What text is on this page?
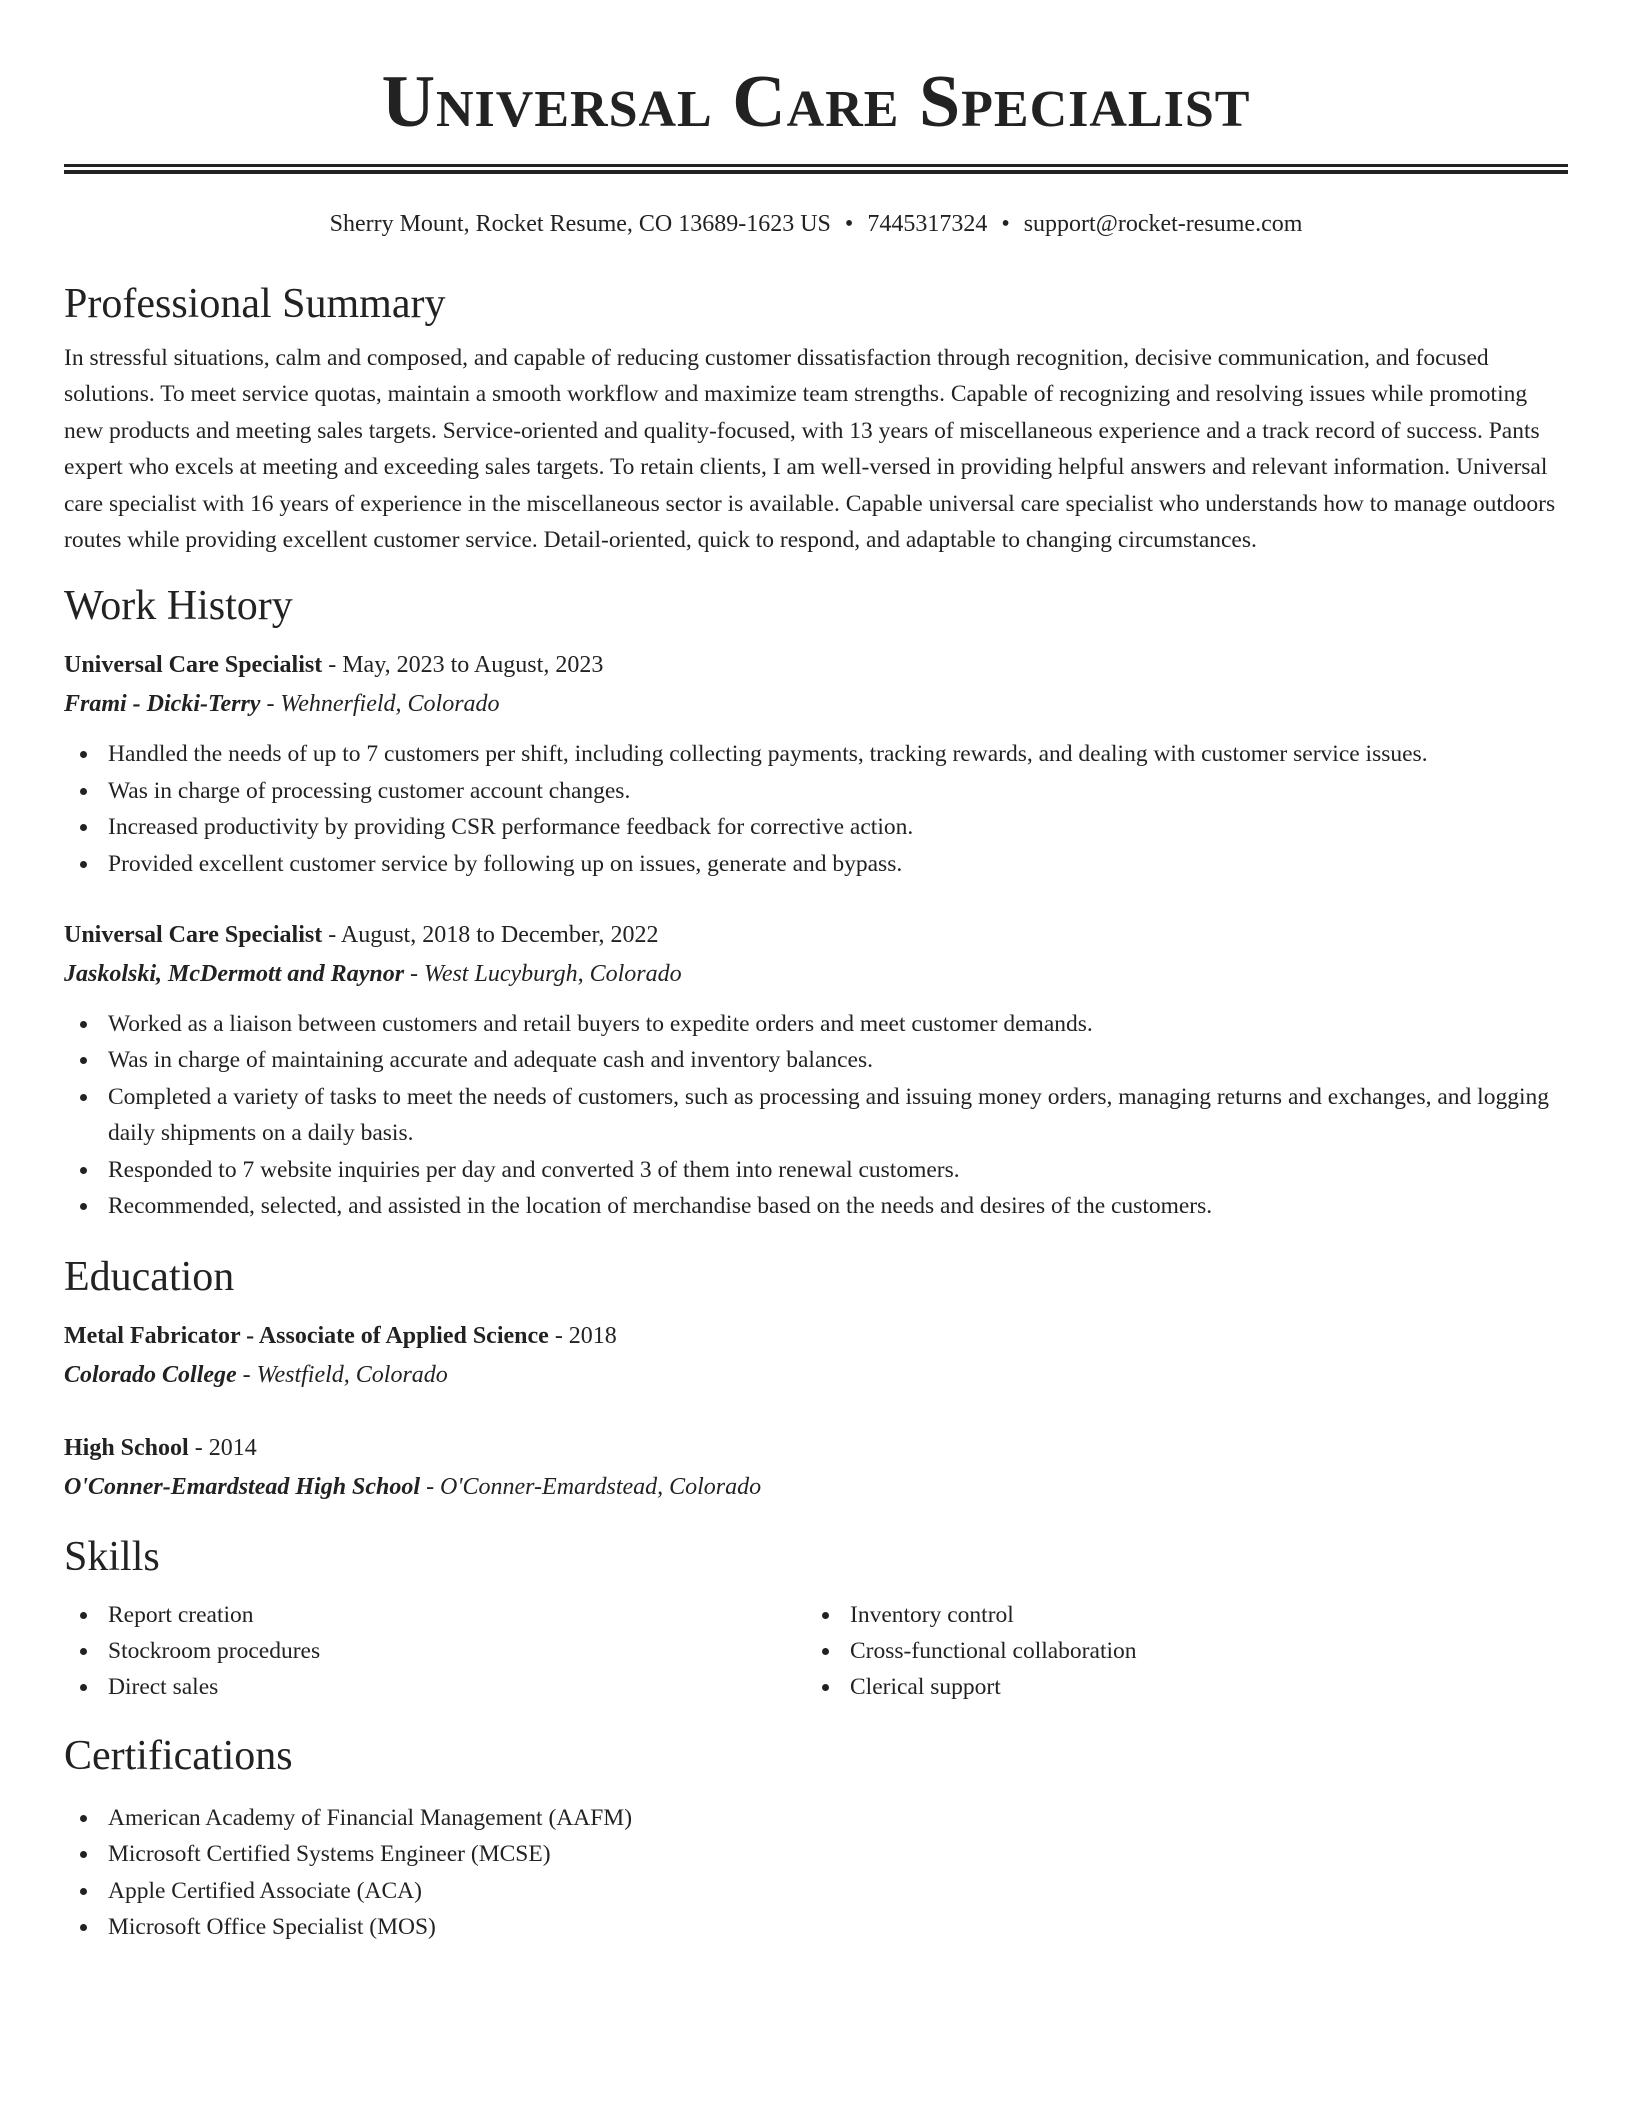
Universal Care Specialist
Sherry Mount, Rocket Resume, CO 13689-1623 US • 7445317324 • support@rocket-resume.com
Professional Summary

In stressful situations, calm and composed, and capable of reducing customer dissatisfaction through recognition, decisive communication, and focused solutions. To meet service quotas, maintain a smooth workflow and maximize team strengths. Capable of recognizing and resolving issues while promoting new products and meeting sales targets. Service-oriented and quality-focused, with 13 years of miscellaneous experience and a track record of success. Pants expert who excels at meeting and exceeding sales targets. To retain clients, I am well-versed in providing helpful answers and relevant information. Universal care specialist with 16 years of experience in the miscellaneous sector is available. Capable universal care specialist who understands how to manage outdoors routes while providing excellent customer service. Detail-oriented, quick to respond, and adaptable to changing circumstances.

Work History
Universal Care Specialist - May, 2023 to August, 2023
Frami - Dicki-Terry - Wehnerfield, Colorado
Handled the needs of up to 7 customers per shift, including collecting payments, tracking rewards, and dealing with customer service issues.
Was in charge of processing customer account changes.
Increased productivity by providing CSR performance feedback for corrective action.
Provided excellent customer service by following up on issues, generate and bypass.
Universal Care Specialist - August, 2018 to December, 2022
Jaskolski, McDermott and Raynor - West Lucyburgh, Colorado
Worked as a liaison between customers and retail buyers to expedite orders and meet customer demands.
Was in charge of maintaining accurate and adequate cash and inventory balances.
Completed a variety of tasks to meet the needs of customers, such as processing and issuing money orders, managing returns and exchanges, and logging daily shipments on a daily basis.
Responded to 7 website inquiries per day and converted 3 of them into renewal customers.
Recommended, selected, and assisted in the location of merchandise based on the needs and desires of the customers.
Education
Metal Fabricator - Associate of Applied Science - 2018
Colorado College - Westfield, Colorado
High School - 2014
O'Conner-Emardstead High School - O'Conner-Emardstead, Colorado
Skills
Report creation
Stockroom procedures
Direct sales
Inventory control
Cross-functional collaboration
Clerical support
Certifications
American Academy of Financial Management (AAFM)
Microsoft Certified Systems Engineer (MCSE)
Apple Certified Associate (ACA)
Microsoft Office Specialist (MOS)
